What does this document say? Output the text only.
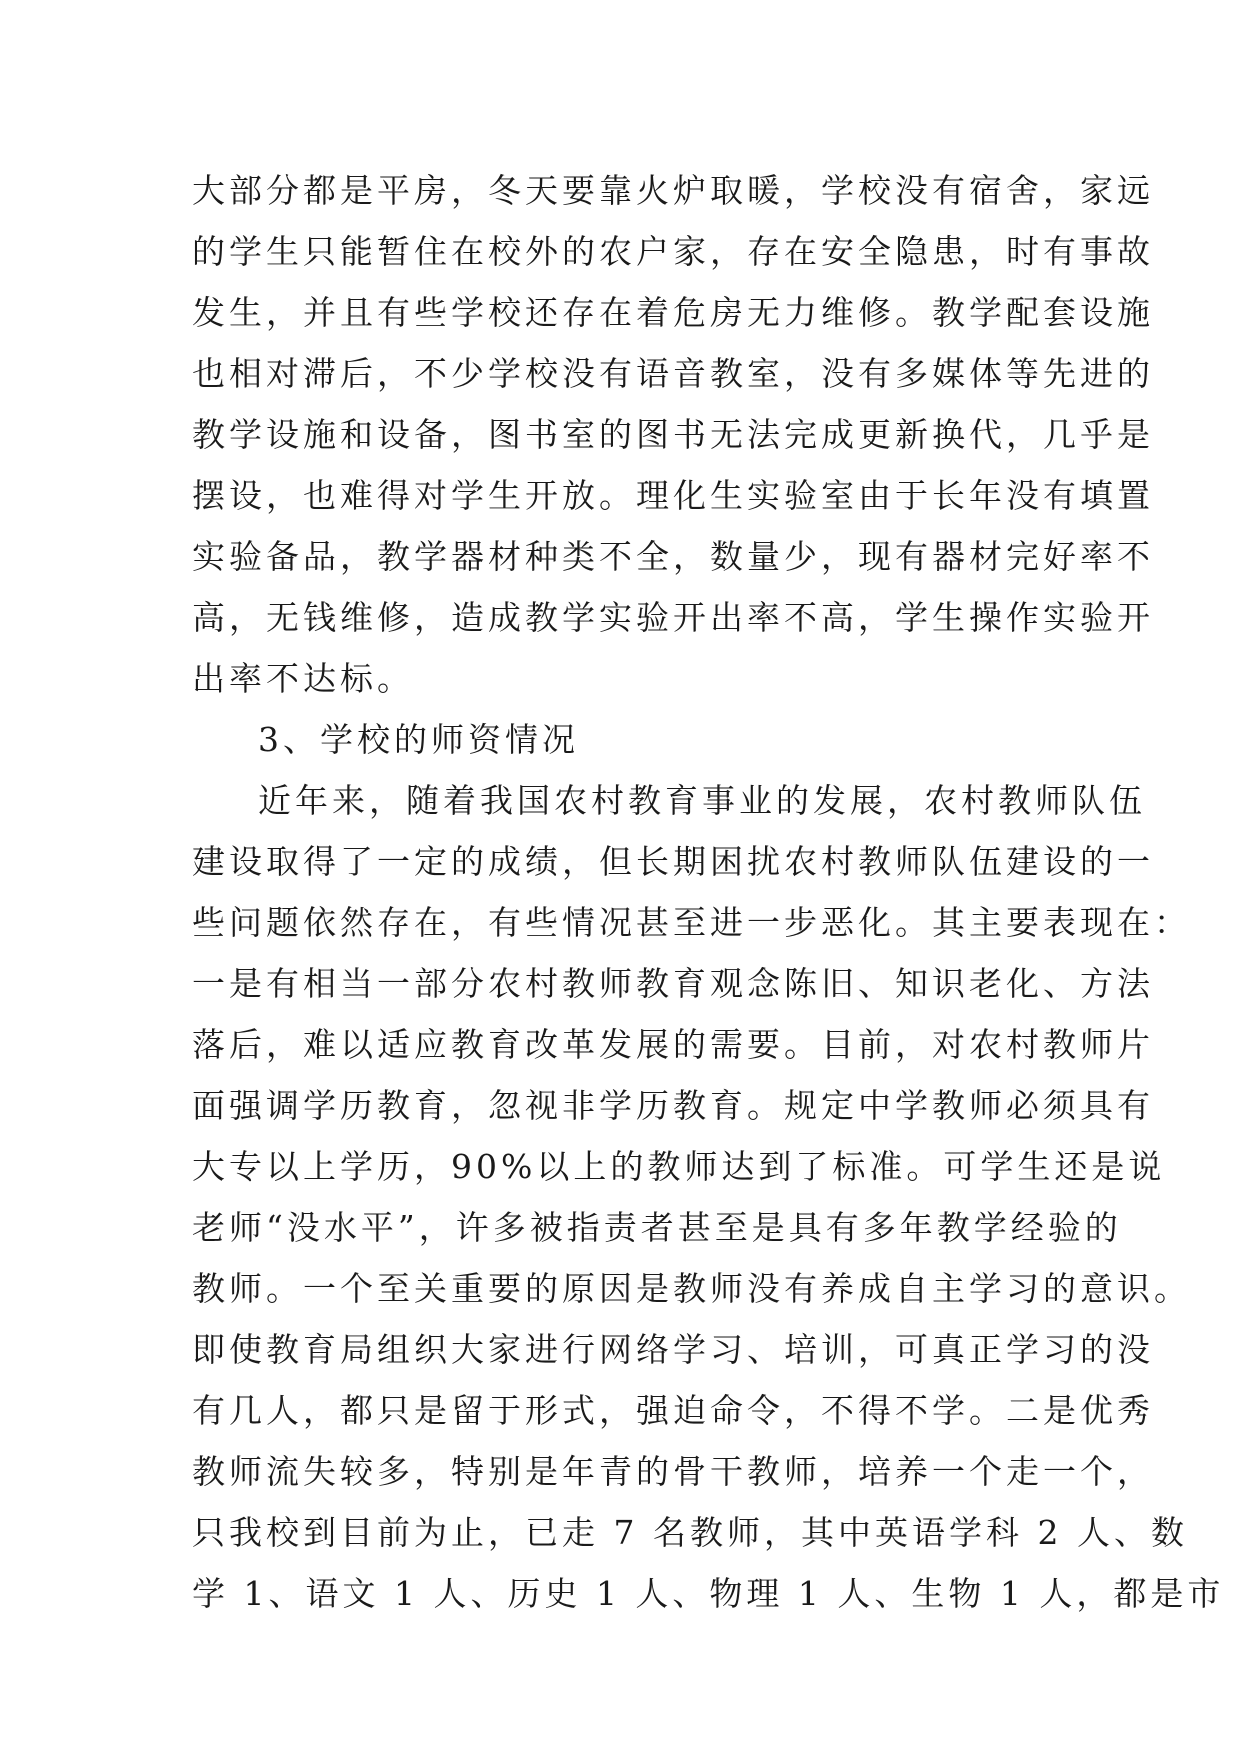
大部分都是平房，冬天要靠火炉取暖，学校没有宿舍，家远
的学生只能暂住在校外的农户家，存在安全隐患，时有事故
发生，并且有些学校还存在着危房无力维修。教学配套设施
也相对滞后，不少学校没有语音教室，没有多媒体等先进的
教学设施和设备，图书室的图书无法完成更新换代，几乎是
摆设，也难得对学生开放。理化生实验室由于长年没有填置
实验备品，教学器材种类不全，数量少，现有器材完好率不
高，无钱维修，造成教学实验开出率不高，学生操作实验开
出率不达标。
3、学校的师资情况
近年来，随着我国农村教育事业的发展，农村教师队伍
建设取得了一定的成绩，但长期困扰农村教师队伍建设的一
些问题依然存在，有些情况甚至进一步恶化。其主要表现在：
一是有相当一部分农村教师教育观念陈旧、知识老化、方法
落后，难以适应教育改革发展的需要。目前，对农村教师片
面强调学历教育，忽视非学历教育。规定中学教师必须具有
大专以上学历，90%以上的教师达到了标准。可学生还是说
老师“没水平”，许多被指责者甚至是具有多年教学经验的
教师。一个至关重要的原因是教师没有养成自主学习的意识。
即使教育局组织大家进行网络学习、培训，可真正学习的没
有几人，都只是留于形式，强迫命令，不得不学。二是优秀
教师流失较多，特别是年青的骨干教师，培养一个走一个，
只我校到目前为止，已走 7 名教师，其中英语学科 2 人、数
学 1、语文 1 人、历史 1 人、物理 1 人、生物 1 人，都是市
